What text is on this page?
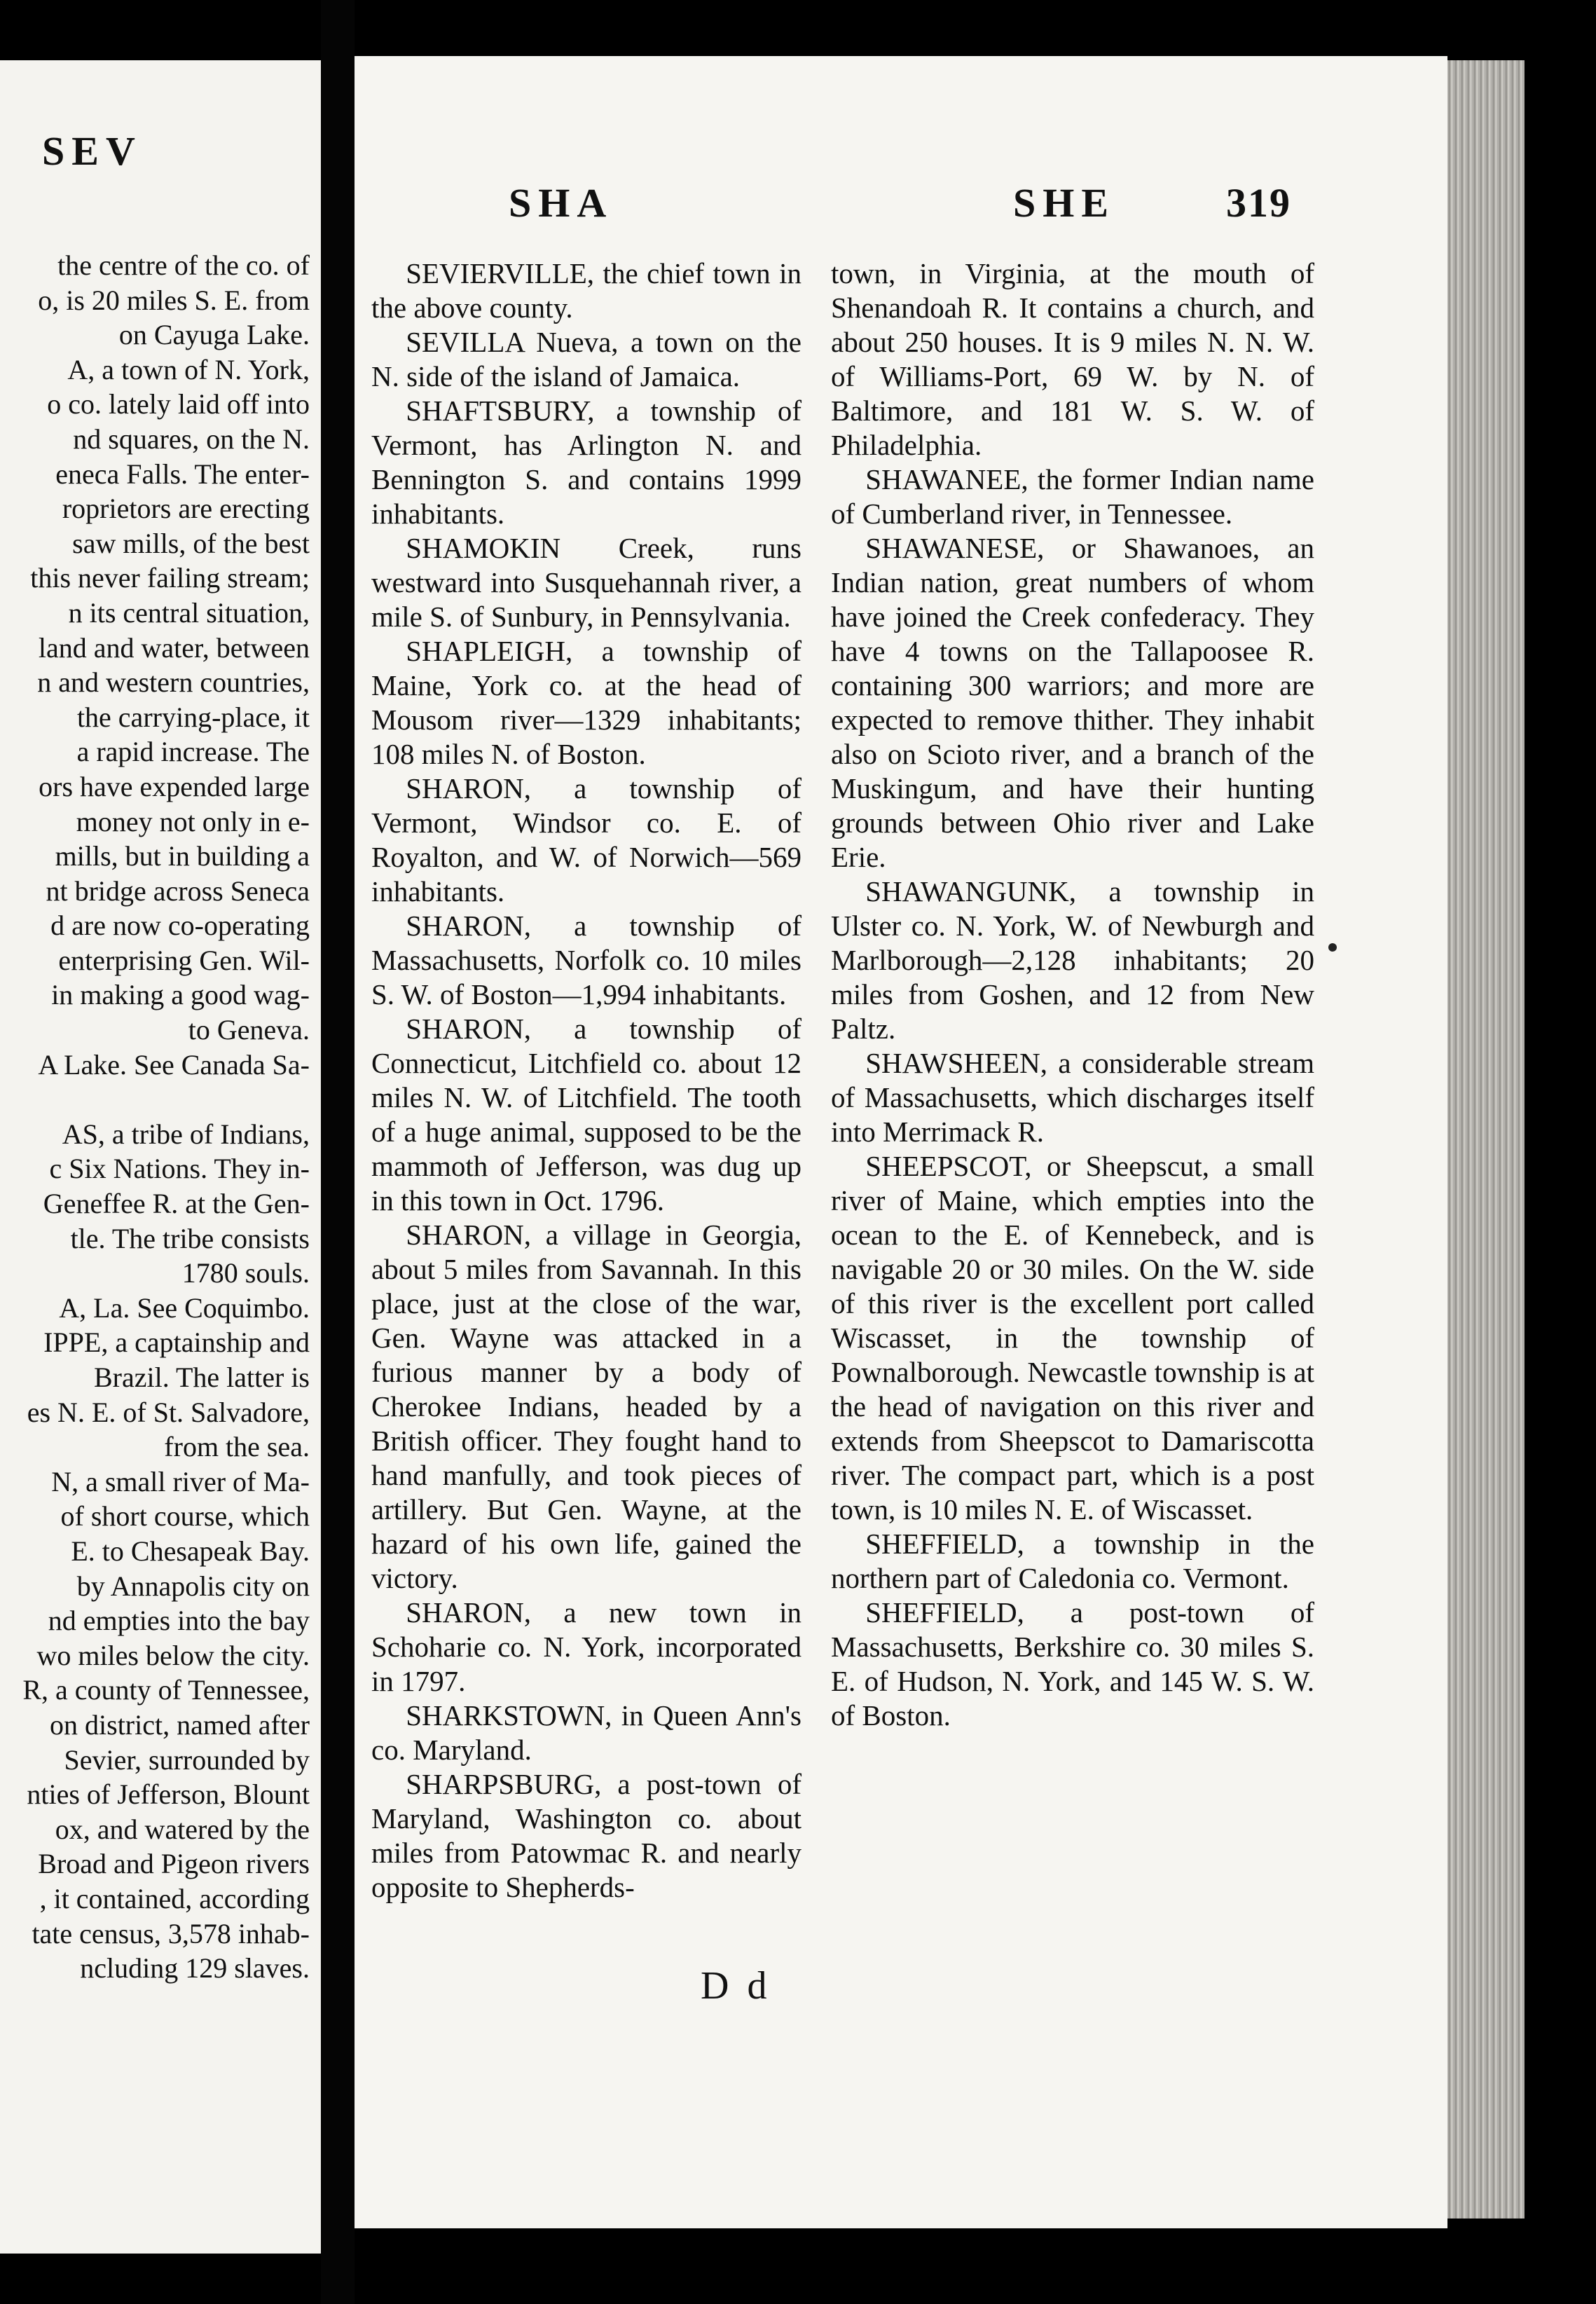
SEV
the centre of the co. of
o, is 20 miles S. E. from
on Cayuga Lake.
A, a town of N. York,
o co. lately laid off into
nd squares, on the N.
eneca Falls. The enter-
roprietors are erecting
saw mills, of the best
this never failing stream;
n its central situation,
land and water, between
n and western countries,
the carrying-place, it
a rapid increase. The
ors have expended large
money not only in e-
mills, but in building a
nt bridge across Seneca
d are now co-operating
enterprising Gen. Wil-
in making a good wag-
to Geneva.
A Lake. See Canada Sa-

AS, a tribe of Indians,
c Six Nations. They in-
Geneffee R. at the Gen-
tle. The tribe consists
1780 souls.
A, La. See Coquimbo.
IPPE, a captainship and
Brazil. The latter is
es N. E. of St. Salvadore,
from the sea.
N, a small river of Ma-
of short course, which
E. to Chesapeak Bay.
by Annapolis city on
nd empties into the bay
wo miles below the city.
R, a county of Tennessee,
on district, named after
Sevier, surrounded by
nties of Jefferson, Blount
ox, and watered by the
Broad and Pigeon rivers
, it contained, according
tate census, 3,578 inhab-
ncluding 129 slaves.
SHA	SHE	319

SEVIERVILLE, the chief town in the above county.

SEVILLA Nueva, a town on the N. side of the island of Jamaica.

SHAFTSBURY, a township of Vermont, has Arlington N. and Bennington S. and contains 1999 inhabitants.

SHAMOKIN Creek, runs westward into Susquehannah river, a mile S. of Sunbury, in Pennsylvania.

SHAPLEIGH, a township of Maine, York co. at the head of Mousom river—1329 inhabitants; 108 miles N. of Boston.

SHARON, a township of Vermont, Windsor co. E. of Royalton, and W. of Norwich—569 inhabitants.

SHARON, a township of Massachusetts, Norfolk co. 10 miles S. W. of Boston—1,994 inhabitants.

SHARON, a township of Connecticut, Litchfield co. about 12 miles N. W. of Litchfield. The tooth of a huge animal, supposed to be the mammoth of Jefferson, was dug up in this town in Oct. 1796.

SHARON, a village in Georgia, about 5 miles from Savannah. In this place, just at the close of the war, Gen. Wayne was attacked in a furious manner by a body of Cherokee Indians, headed by a British officer. They fought hand to hand manfully, and took pieces of artillery. But Gen. Wayne, at the hazard of his own life, gained the victory.

SHARON, a new town in Schoharie co. N. York, incorporated in 1797.

SHARKSTOWN, in Queen Ann's co. Maryland.

SHARPSBURG, a post-town of Maryland, Washington co. about miles from Patowmac R. and nearly opposite to Shepherds-

town, in Virginia, at the mouth of Shenandoah R. It contains a church, and about 250 houses. It is 9 miles N. N. W. of Williams-Port, 69 W. by N. of Baltimore, and 181 W. S. W. of Philadelphia.

SHAWANEE, the former Indian name of Cumberland river, in Tennessee.

SHAWANESE, or Shawanoes, an Indian nation, great numbers of whom have joined the Creek confederacy. They have 4 towns on the Tallapoosee R. containing 300 warriors; and more are expected to remove thither. They inhabit also on Scioto river, and a branch of the Muskingum, and have their hunting grounds between Ohio river and Lake Erie.

SHAWANGUNK, a township in Ulster co. N. York, W. of Newburgh and Marlborough—2,128 inhabitants; 20 miles from Goshen, and 12 from New Paltz.

SHAWSHEEN, a considerable stream of Massachusetts, which discharges itself into Merrimack R.

SHEEPSCOT, or Sheepscut, a small river of Maine, which empties into the ocean to the E. of Kennebeck, and is navigable 20 or 30 miles. On the W. side of this river is the excellent port called Wiscasset, in the township of Pownalborough. Newcastle township is at the head of navigation on this river and extends from Sheepscot to Damariscotta river. The compact part, which is a post town, is 10 miles N. E. of Wiscasset.

SHEFFIELD, a township in the northern part of Caledonia co. Vermont.

SHEFFIELD, a post-town of Massachusetts, Berkshire co. 30 miles S. E. of Hudson, N. York, and 145 W. S. W. of Boston.

D d
